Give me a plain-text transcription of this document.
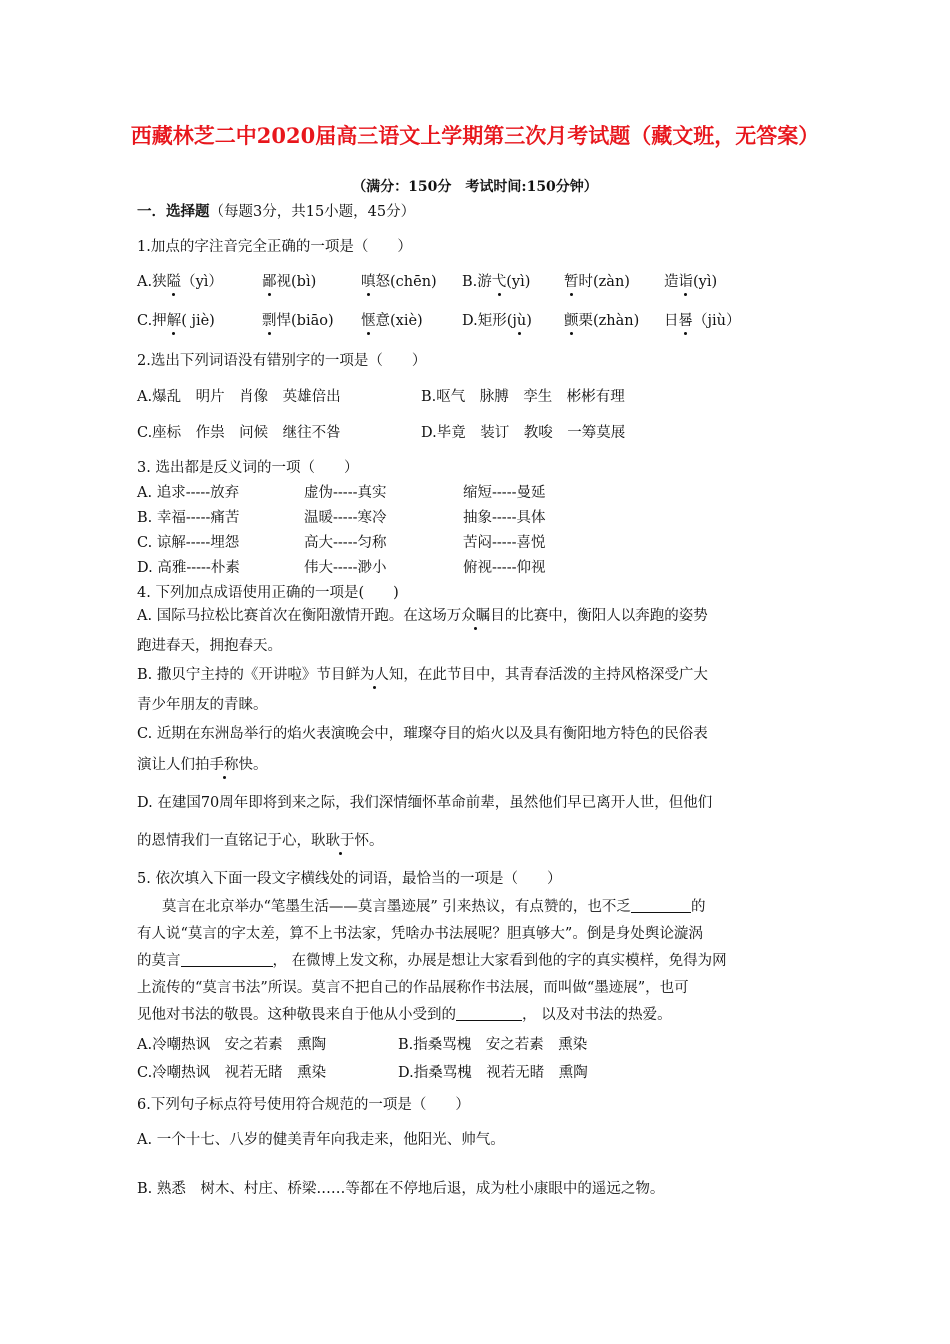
西藏林芝二中2020届高三语文上学期第三次月考试题（藏文班，无答案）
（满分：150分　考试时间:150分钟）
一．选择题（每题3分，共15小题，45分）
1.加点的字注音完全正确的一项是（　　）
A.狭隘（yì）	鄙视(bì)	嗔怒(chēn) B.游弋(yì) 暂时(zàn) 造诣(yì)
C.押解( jiè)	剽悍(biāo) 惬意(xiè)	D.矩形(jù) 颤栗(zhàn) 日晷（jiù）
2.选出下列词语没有错别字的一项是（　　）
A.爆乱　明片　肖像　英雄倍出	B.呕气　脉膊　孪生　彬彬有理
C.座标　作祟　问候　继往不咎	D.毕竟　装订　教唆　一筹莫展
3. 选出都是反义词的一项（　　）
A. 追求-----放弃	虚伪-----真实	缩短-----曼延
B. 幸福-----痛苦	温暖-----寒冷	抽象-----具体
C. 谅解-----埋怨	高大-----匀称	苦闷-----喜悦
D. 高雅-----朴素	伟大-----渺小	俯视-----仰视
4. 下列加点成语使用正确的一项是(　　)
A. 国际马拉松比赛首次在衡阳激情开跑。在这场万众瞩目的比赛中，衡阳人以奔跑的姿势
跑进春天，拥抱春天。
B. 撒贝宁主持的《开讲啦》节目鲜为人知，在此节目中，其青春活泼的主持风格深受广大
青少年朋友的青睐。
C. 近期在东洲岛举行的焰火表演晚会中，璀璨夺目的焰火以及具有衡阳地方特色的民俗表
演让人们拍手称快。
D. 在建国70周年即将到来之际，我们深情缅怀革命前辈，虽然他们早已离开人世，但他们
的恩情我们一直铭记于心，耿耿于怀。
5. 依次填入下面一段文字横线处的词语，最恰当的一项是（　　）
莫言在北京举办“笔墨生活——莫言墨迹展” 引来热议，有点赞的，也不乏	的
有人说“莫言的字太差，算不上书法家，凭啥办书法展呢？胆真够大”。倒是身处舆论漩涡
的莫言	， 在微博上发文称，办展是想让大家看到他的字的真实模样，免得为网
上流传的“莫言书法”所误。莫言不把自己的作品展称作书法展，而叫做“墨迹展”，也可
见他对书法的敬畏。这种敬畏来自于他从小受到的	， 以及对书法的热爱。
A.冷嘲热讽　安之若素　熏陶	B.指桑骂槐　安之若素　熏染
C.冷嘲热讽　视若无睹　熏染	D.指桑骂槐　视若无睹　熏陶
6.下列句子标点符号使用符合规范的一项是（　　）
A. 一个十七、八岁的健美青年向我走来，他阳光、帅气。
B. 熟悉　树木、村庄、桥梁……等都在不停地后退，成为杜小康眼中的遥远之物。
